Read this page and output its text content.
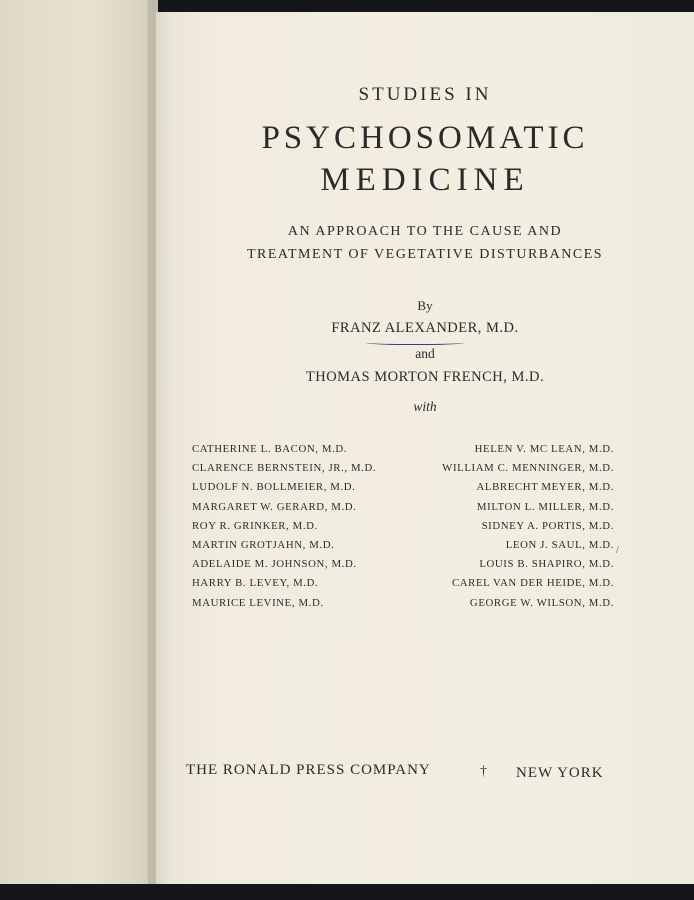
STUDIES IN
PSYCHOSOMATIC
MEDICINE
AN APPROACH TO THE CAUSE AND
TREATMENT OF VEGETATIVE DISTURBANCES
By
FRANZ ALEXANDER, M.D.
and
THOMAS MORTON FRENCH, M.D.
with
CATHERINE L. BACON, M.D.
CLARENCE BERNSTEIN, JR., M.D.
LUDOLF N. BOLLMEIER, M.D.
MARGARET W. GERARD, M.D.
ROY R. GRINKER, M.D.
MARTIN GROTJAHN, M.D.
ADELAIDE M. JOHNSON, M.D.
HARRY B. LEVEY, M.D.
MAURICE LEVINE, M.D.
HELEN V. MC LEAN, M.D.
WILLIAM C. MENNINGER, M.D.
ALBRECHT MEYER, M.D.
MILTON L. MILLER, M.D.
SIDNEY A. PORTIS, M.D.
LEON J. SAUL, M.D.
LOUIS B. SHAPIRO, M.D.
CAREL VAN DER HEIDE, M.D.
GEORGE W. WILSON, M.D.
/
THE RONALD PRESS COMPANY	† NEW YORK
